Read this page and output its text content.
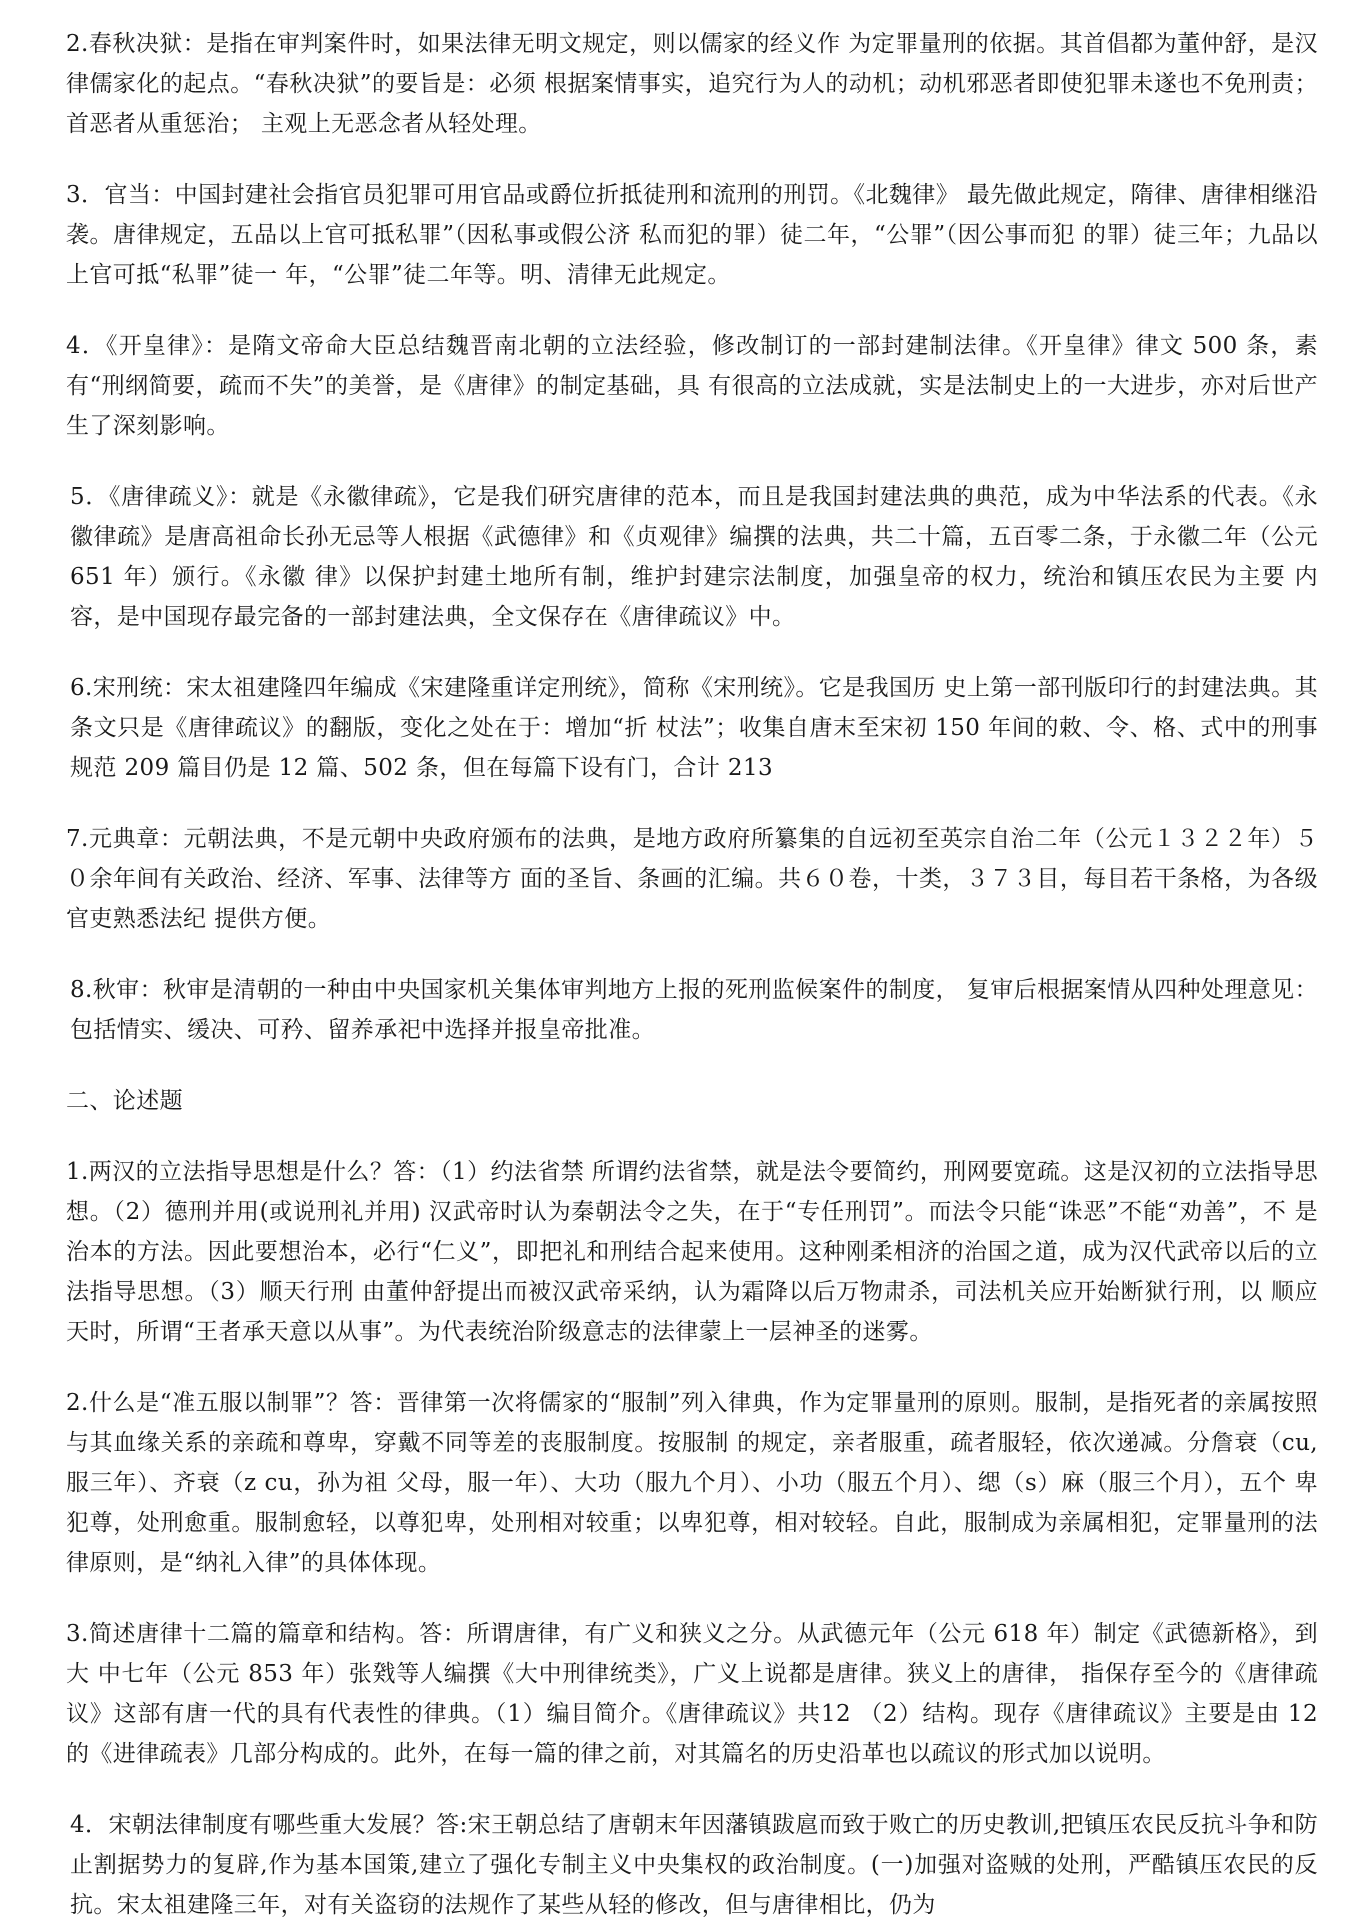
2.春秋决狱：是指在审判案件时，如果法律无明文规定，则以儒家的经义作 为定罪量刑的依据。其首倡都为董仲舒，是汉律儒家化的起点。“春秋决狱”的要旨是：必须 根据案情事实，追究行为人的动机；动机邪恶者即使犯罪未遂也不免刑责；首恶者从重惩治； 主观上无恶念者从轻处理。

3．官当：中国封建社会指官员犯罪可用官品或爵位折抵徒刑和流刑的刑罚。《北魏律》 最先做此规定，隋律、唐律相继沿袭。唐律规定，五品以上官可抵私罪”（因私事或假公济 私而犯的罪）徒二年，“公罪”（因公事而犯 的罪）徒三年；九品以上官可抵“私罪”徒一 年，“公罪”徒二年等。明、清律无此规定。

4．《开皇律》：是隋文帝命大臣总结魏晋南北朝的立法经验，修改制订的一部封建制法律。《开皇律》律文 500 条，素有“刑纲简要，疏而不失”的美誉，是《唐律》的制定基础，具 有很高的立法成就，实是法制史上的一大进步，亦对后世产生了深刻影响。

5．《唐律疏义》：就是《永徽律疏》，它是我们研究唐律的范本，而且是我国封建法典的典范，成为中华法系的代表。《永徽律疏》是唐高祖命长孙无忌等人根据《武德律》和《贞观律》编撰的法典，共二十篇，五百零二条，于永徽二年（公元 651 年）颁行。《永徽 律》以保护封建土地所有制，维护封建宗法制度，加强皇帝的权力，统治和镇压农民为主要 内容，是中国现存最完备的一部封建法典，全文保存在《唐律疏议》中。

6.宋刑统：宋太祖建隆四年编成《宋建隆重详定刑统》，简称《宋刑统》。它是我国历 史上第一部刊版印行的封建法典。其条文只是《唐律疏议》的翻版，变化之处在于：增加“折 杖法”；收集自唐末至宋初 150 年间的敕、令、格、式中的刑事规范 209 篇目仍是 12 篇、502 条，但在每篇下设有门，合计 213

7.元典章：元朝法典，不是元朝中央政府颁布的法典，是地方政府所纂集的自远初至英宗自治二年（公元１３２２年）５０余年间有关政治、经济、军事、法律等方 面的圣旨、条画的汇编。共６０卷，十类，３７３目，每目若干条格，为各级官吏熟悉法纪 提供方便。

8.秋审：秋审是清朝的一种由中央国家机关集体审判地方上报的死刑监候案件的制度， 复审后根据案情从四种处理意见：包括情实、缓决、可矜、留养承祀中选择并报皇帝批准。

二、论述题

1.两汉的立法指导思想是什么？答：（1）约法省禁 所谓约法省禁，就是法令要简约，刑网要宽疏。这是汉初的立法指导思想。（2）德刑并用(或说刑礼并用) 汉武帝时认为秦朝法令之失，在于“专任刑罚”。而法令只能“诛恶”不能“劝善”，不 是治本的方法。因此要想治本，必行“仁义”，即把礼和刑结合起来使用。这种刚柔相济的治国之道，成为汉代武帝以后的立法指导思想。（3）顺天行刑 由董仲舒提出而被汉武帝采纳，认为霜降以后万物肃杀，司法机关应开始断狱行刑，以 顺应天时，所谓“王者承天意以从事”。为代表统治阶级意志的法律蒙上一层神圣的迷雾。

2.什么是“准五服以制罪”？答：晋律第一次将儒家的“服制”列入律典，作为定罪量刑的原则。服制，是指死者的亲属按照与其血缘关系的亲疏和尊卑，穿戴不同等差的丧服制度。按服制 的规定，亲者服重，疏者服轻，依次递减。分詹衰（cu,服三年）、齐衰（z cu，孙为祖 父母，服一年）、大功（服九个月）、小功（服五个月）、缌（s）麻（服三个月），五个 卑犯尊，处刑愈重。服制愈轻，以尊犯卑，处刑相对较重；以卑犯尊，相对较轻。自此，服制成为亲属相犯，定罪量刑的法律原则，是“纳礼入律”的具体体现。

3.简述唐律十二篇的篇章和结构。答：所谓唐律，有广义和狭义之分。从武德元年（公元 618 年）制定《武德新格》，到大 中七年（公元 853 年）张戣等人编撰《大中刑律统类》，广义上说都是唐律。狭义上的唐律， 指保存至今的《唐律疏议》这部有唐一代的具有代表性的律典。（1）编目简介。《唐律疏议》共12 （2）结构。现存《唐律疏议》主要是由 12 的《进律疏表》几部分构成的。此外，在每一篇的律之前，对其篇名的历史沿革也以疏议的形式加以说明。

4．宋朝法律制度有哪些重大发展？答:宋王朝总结了唐朝末年因藩镇跋扈而致于败亡的历史教训,把镇压农民反抗斗争和防 止割据势力的复辟,作为基本国策,建立了强化专制主义中央集权的政治制度。(一)加强对盗贼的处刑，严酷镇压农民的反抗。宋太祖建隆三年，对有关盗窃的法规作了某些从轻的修改，但与唐律相比，仍为
